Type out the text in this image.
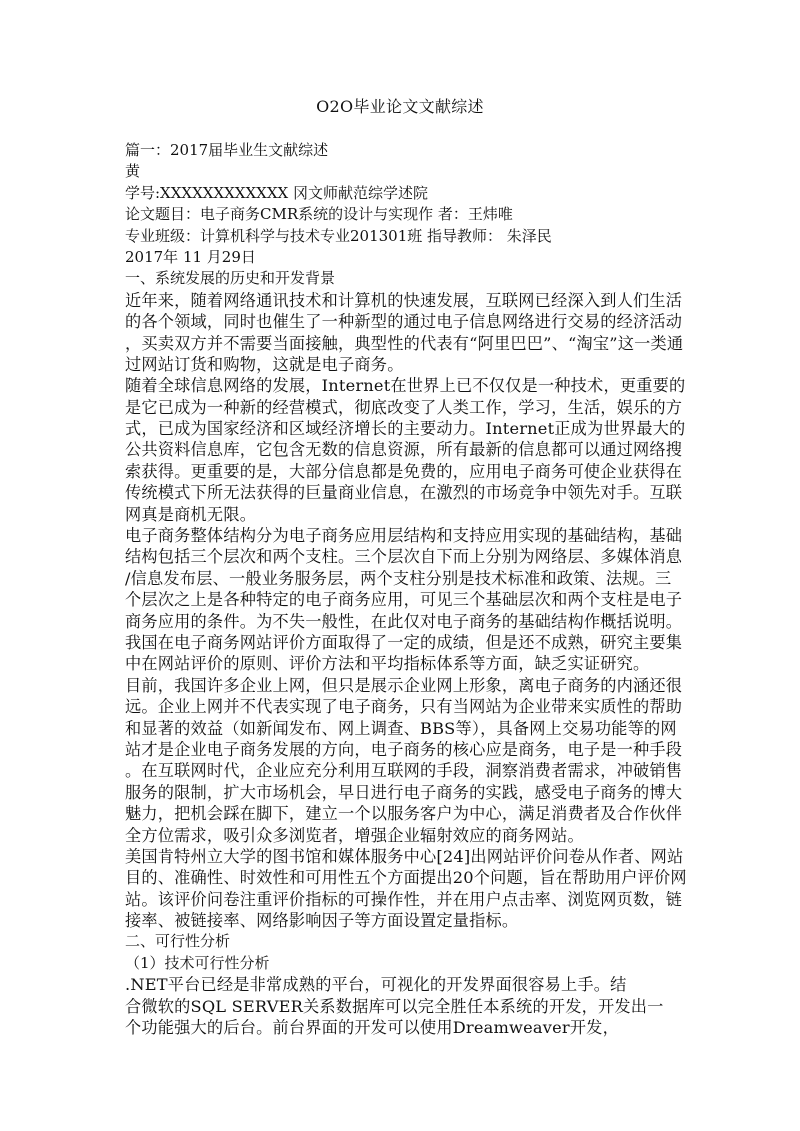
O2O毕业论文文献综述
篇一：2017届毕业生文献综述
黄
学号:XXXXXXXXXXXX 冈文师献范综学述院
论文题目：电子商务CMR系统的设计与实现作 者：王炜唯
专业班级：计算机科学与技术专业201301班 指导教师： 朱泽民
2017年 11 月29日
一、系统发展的历史和开发背景
近年来，随着网络通讯技术和计算机的快速发展，互联网已经深入到人们生活
的各个领域，同时也催生了一种新型的通过电子信息网络进行交易的经济活动
，买卖双方并不需要当面接触，典型性的代表有“阿里巴巴”、“淘宝”这一类通
过网站订货和购物，这就是电子商务。
随着全球信息网络的发展，Internet在世界上已不仅仅是一种技术，更重要的
是它已成为一种新的经营模式，彻底改变了人类工作，学习，生活，娱乐的方
式，已成为国家经济和区域经济增长的主要动力。Internet正成为世界最大的
公共资料信息库，它包含无数的信息资源，所有最新的信息都可以通过网络搜
索获得。更重要的是，大部分信息都是免费的，应用电子商务可使企业获得在
传统模式下所无法获得的巨量商业信息，在激烈的市场竞争中领先对手。互联
网真是商机无限。
电子商务整体结构分为电子商务应用层结构和支持应用实现的基础结构，基础
结构包括三个层次和两个支柱。三个层次自下而上分别为网络层、多媒体消息
/信息发布层、一般业务服务层，两个支柱分别是技术标准和政策、法规。三
个层次之上是各种特定的电子商务应用，可见三个基础层次和两个支柱是电子
商务应用的条件。为不失一般性，在此仅对电子商务的基础结构作概括说明。
我国在电子商务网站评价方面取得了一定的成绩，但是还不成熟，研究主要集
中在网站评价的原则、评价方法和平均指标体系等方面，缺乏实证研究。
目前，我国许多企业上网，但只是展示企业网上形象，离电子商务的内涵还很
远。企业上网并不代表实现了电子商务，只有当网站为企业带来实质性的帮助
和显著的效益（如新闻发布、网上调查、BBS等），具备网上交易功能等的网
站才是企业电子商务发展的方向，电子商务的核心应是商务，电子是一种手段
。在互联网时代，企业应充分利用互联网的手段，洞察消费者需求，冲破销售
服务的限制，扩大市场机会，早日进行电子商务的实践，感受电子商务的博大
魅力，把机会踩在脚下，建立一个以服务客户为中心，满足消费者及合作伙伴
全方位需求，吸引众多浏览者，增强企业辐射效应的商务网站。
美国肯特州立大学的图书馆和媒体服务中心[24]出网站评价问卷从作者、网站
目的、准确性、时效性和可用性五个方面提出20个问题，旨在帮助用户评价网
站。该评价问卷注重评价指标的可操作性，并在用户点击率、浏览网页数，链
接率、被链接率、网络影响因子等方面设置定量指标。
二、可行性分析
（1）技术可行性分析
.NET平台已经是非常成熟的平台，可视化的开发界面很容易上手。结
合微软的SQL SERVER关系数据库可以完全胜任本系统的开发，开发出一
个功能强大的后台。前台界面的开发可以使用Dreamweaver开发，
